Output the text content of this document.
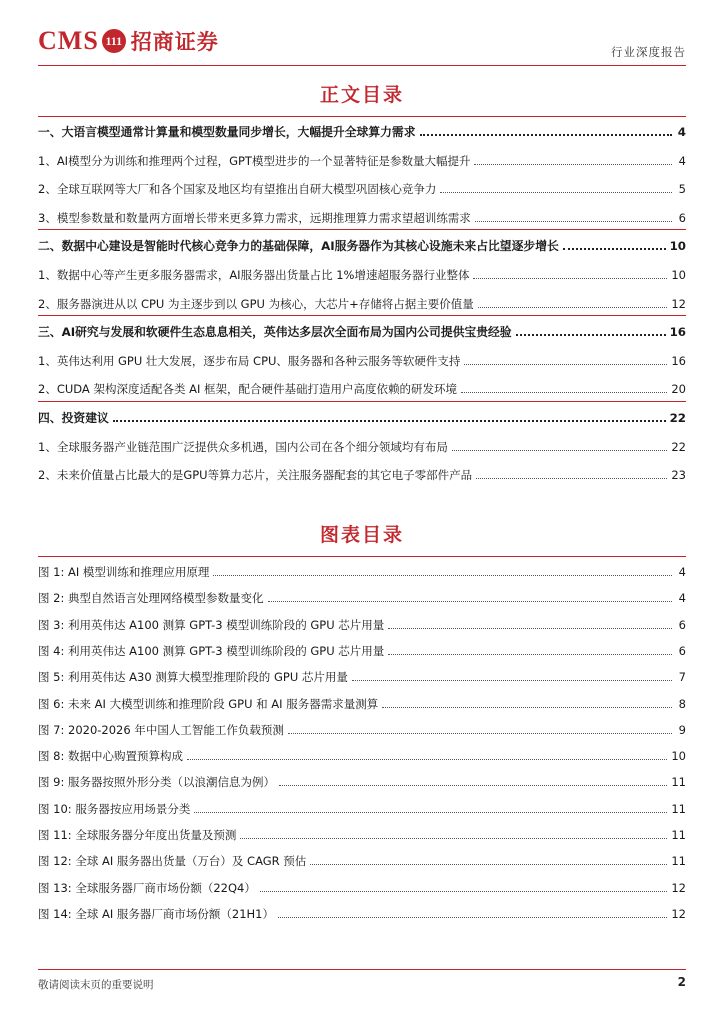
CMS 111 招商证券	行业深度报告
正文目录
一、大语言模型通常计算量和模型数量同步增长，大幅提升全球算力需求	4
1、AI模型分为训练和推理两个过程，GPT模型进步的一个显著特征是参数量大幅提升	4
2、全球互联网等大厂和各个国家及地区均有望推出自研大模型巩固核心竞争力	5
3、模型参数量和数量两方面增长带来更多算力需求，远期推理算力需求望超训练需求	6
二、数据中心建设是智能时代核心竞争力的基础保障，AI服务器作为其核心设施未来占比望逐步增长	10
1、数据中心等产生更多服务器需求，AI服务器出货量占比 1%增速超服务器行业整体	10
2、服务器演进从以 CPU 为主逐步到以 GPU 为核心，大芯片+存储将占据主要价值量	12
三、AI研究与发展和软硬件生态息息相关，英伟达多层次全面布局为国内公司提供宝贵经验	16
1、英伟达利用 GPU 壮大发展，逐步布局 CPU、服务器和各种云服务等软硬件支持	16
2、CUDA 架构深度适配各类 AI 框架，配合硬件基础打造用户高度依赖的研发环境	20
四、投资建议	22
1、全球服务器产业链范围广泛提供众多机遇，国内公司在各个细分领域均有布局	22
2、未来价值量占比最大的是GPU等算力芯片，关注服务器配套的其它电子零部件产品	23
图表目录
图 1: AI 模型训练和推理应用原理	4
图 2: 典型自然语言处理网络模型参数量变化	4
图 3: 利用英伟达 A100 测算 GPT-3 模型训练阶段的 GPU 芯片用量	6
图 4: 利用英伟达 A100 测算 GPT-3 模型训练阶段的 GPU 芯片用量	6
图 5: 利用英伟达 A30 测算大模型推理阶段的 GPU 芯片用量	7
图 6: 未来 AI 大模型训练和推理阶段 GPU 和 AI 服务器需求量测算	8
图 7: 2020-2026 年中国人工智能工作负载预测	9
图 8: 数据中心购置预算构成	10
图 9: 服务器按照外形分类（以浪潮信息为例）	11
图 10: 服务器按应用场景分类	11
图 11: 全球服务器分年度出货量及预测	11
图 12: 全球 AI 服务器出货量（万台）及 CAGR 预估	11
图 13: 全球服务器厂商市场份额（22Q4）	12
图 14: 全球 AI 服务器厂商市场份额（21H1）	12
敬请阅读末页的重要说明	2
